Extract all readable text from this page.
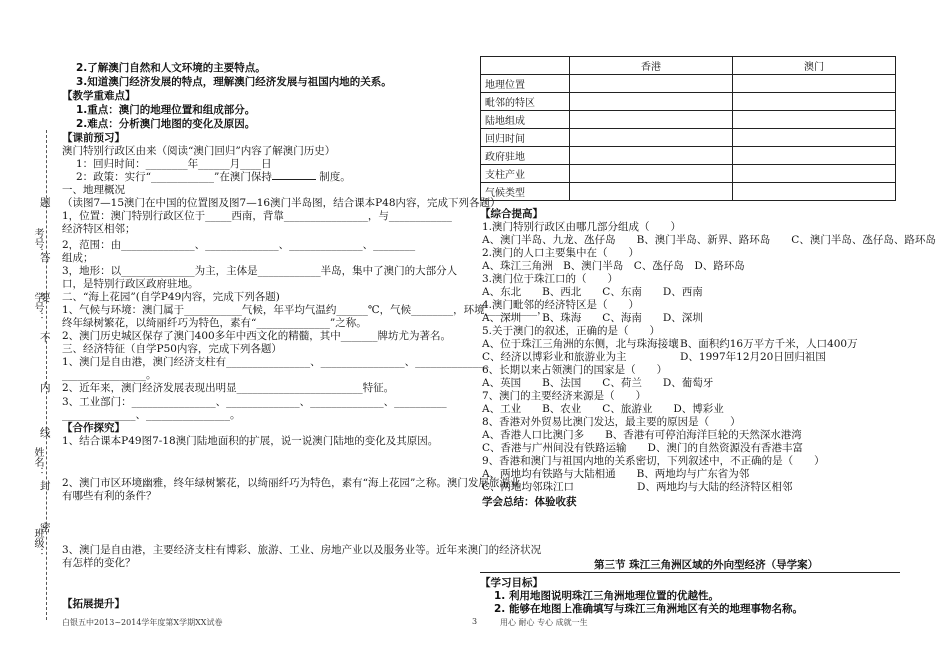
考号：
学号：
姓名：
班级：
题
答
要
不
内
线
封
密
2.了解澳门自然和人文环境的主要特点。
3.知道澳门经济发展的特点，理解澳门经济发展与祖国内地的关系。
【教学重难点】
1.重点：澳门的地理位置和组成部分。
2.难点：分析澳门地图的变化及原因。
【课前预习】
澳门特别行政区由来（阅读“澳门回归”内容了解澳门历史）
1：回归时间：________年______月____日
2：政策：实行“____________”在澳门保持	制度。
一、地理概况
（读图7—15澳门在中国的位置图及图7—16澳门半岛图，结合课本P48内容，完成下列各题）
1，位置：澳门特别行政区位于_____西南，背靠________________，与____________
经济特区相邻；
2，范围：由______________、______________、______________、________
组成；
3，地形：以______________为主，主体是____________半岛，集中了澳门的大部分人
口，是特别行政区政府驻地。
二、“海上花园”(自学P49内容，完成下列各题)
1、气候与环境：澳门属于___________气候，年平均气温约______℃，气候________，环境__________，
终年绿树繁花，以绮丽纤巧为特色，素有“______________”之称。
2、澳门历史城区保存了澳门400多年中西文化的精髓，其中_______牌坊尤为著名。
三、经济特征（自学P50内容，完成下列各题）
1、澳门是自由港，澳门经济支柱有________________、________________、______________
________________。
2、近年来，澳门经济发展表现出明显________________________特征。
3、工业部门：________________、______________、______________、__________
______________、________________。
【合作探究】
1、结合课本P49图7-18澳门陆地面积的扩展，说一说澳门陆地的变化及其原因。
2、澳门市区环境幽雅，终年绿树繁花，以绮丽纤巧为特色，素有“海上花园”之称。澳门发展旅游业
有哪些有利的条件？
3、澳门是自由港，主要经济支柱有博彩、旅游、工业、房地产业以及服务业等。近年来澳门的经济状况
有怎样的变化？
【拓展提升】
	香港	澳门
地理位置		
毗邻的特区		
陆地组成		
回归时间		
政府驻地		
支柱产业		
气候类型		
【综合提高】
1.澳门特别行政区由哪几部分组成（　　）
A、澳门半岛、九龙、氹仔岛　　B、澳门半岛、新界、路环岛　　C、澳门半岛、氹仔岛、路环岛
2.澳门的人口主要集中在（　　）
A、珠江三角洲　B、澳门半岛　C、氹仔岛　D、路环岛
3.澳门位于珠江口的（　　）
A、东北　　B、西北　　C、东南　　D、西南
4.澳门毗邻的经济特区是（　　）
A、深圳　　B、珠海　　C、海南　　D、深圳
5.关于澳门的叙述，正确的是（　　）
A、位于珠江三角洲的东侧，北与珠海接壤 B、面积约16万平方千米，人口400万
C、经济以博彩业和旅游业为主	D、1997年12月20日回归祖国
6、长期以来占领澳门的国家是（　　）
A、英国　　B、法国　　C、荷兰　　D、葡萄牙
7、澳门的主要经济来源是（　　）
A、工业　　B、农业　　C、旅游业　　D、博彩业
8、香港对外贸易比澳门发达，最主要的原因是（　　）
A、香港人口比澳门多　　B、香港有可停泊海洋巨轮的天然深水港湾
C、香港与广州间没有铁路运输　　D、澳门的自然资源没有香港丰富
9、香港和澳门与祖国内地的关系密切，下列叙述中，不正确的是（　　）
A、两地均有铁路与大陆相通　　B、两地均与广东省为邻
C、两地均邻珠江口　　　　　　D、两地均与大陆的经济特区相邻
学会总结：体验收获
第三节 珠江三角洲区域的外向型经济（导学案）
【学习目标】
1. 利用地图说明珠江三角洲地理位置的优越性。
2. 能够在地图上准确填写与珠江三角洲地区有关的地理事物名称。
白银五中2013~2014学年度第X学期XX试卷	3	用心 耐心 专心 成就一生
